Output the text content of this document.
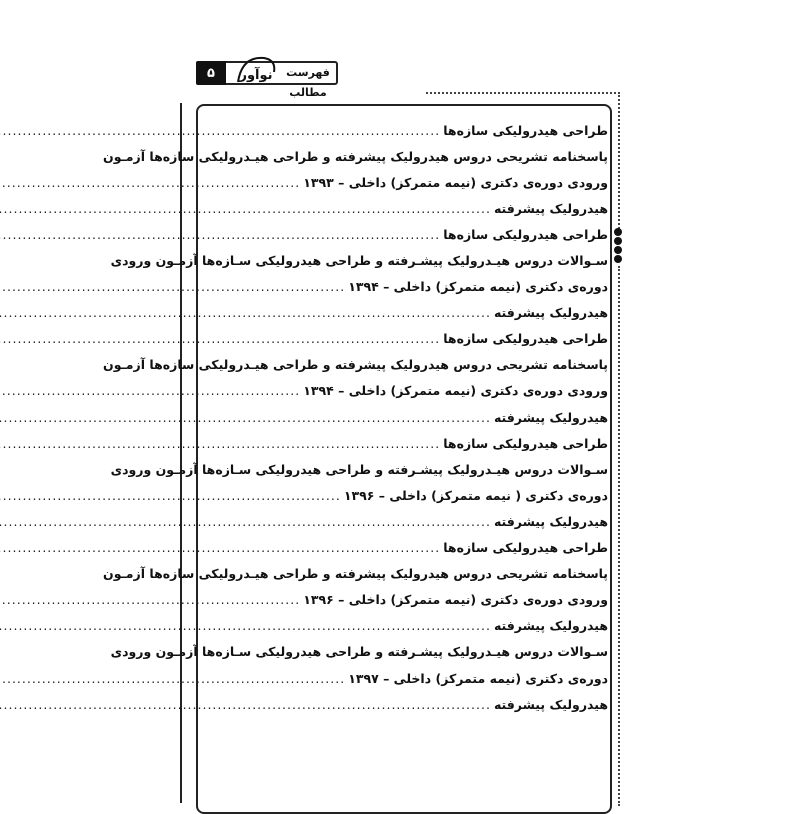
۵	نوآور	فهرست مطالب
طراحی هیدرولیکی سازه‌ها
.....
پاسخنامه تشریحی دروس هیدرولیک پیشرفته و طراحی هیـدرولیکی سازه‌ها آزمـون
ورودی دوره‌ی دکتری (نیمه متمرکز) داخلی – ۱۳۹۳
.....
هیدرولیک پیشرفته
.....
طراحی هیدرولیکی سازه‌ها
.....
سـوالات دروس هیـدرولیک پیشـرفته و طراحی هیدرولیکی سـازه‌ها آزمـون ورودی
دوره‌ی دکتری (نیمه متمرکز) داخلی – ۱۳۹۴
.....
هیدرولیک پیشرفته
.....
طراحی هیدرولیکی سازه‌ها
.....
پاسخنامه تشریحی دروس هیدرولیک پیشرفته و طراحی هیـدرولیکی سازه‌ها آزمـون
ورودی دوره‌ی دکتری (نیمه متمرکز) داخلی – ۱۳۹۴
.....
هیدرولیک پیشرفته
.....
طراحی هیدرولیکی سازه‌ها
.....
سـوالات دروس هیـدرولیک پیشـرفته و طراحی هیدرولیکی سـازه‌ها آزمـون ورودی
دوره‌ی دکتری ( نیمه متمرکز) داخلی – ۱۳۹۶
.....
هیدرولیک پیشرفته
.....
طراحی هیدرولیکی سازه‌ها
.....
پاسخنامه تشریحی دروس هیدرولیک پیشرفته و طراحی هیـدرولیکی سازه‌ها آزمـون
ورودی دوره‌ی دکتری (نیمه متمرکز) داخلی – ۱۳۹۶
.....
هیدرولیک پیشرفته
.....
سـوالات دروس هیـدرولیک پیشـرفته و طراحی هیدرولیکی سـازه‌ها آزمـون ورودی
دوره‌ی دکتری (نیمه متمرکز) داخلی – ۱۳۹۷
.....
هیدرولیک پیشرفته
.....
